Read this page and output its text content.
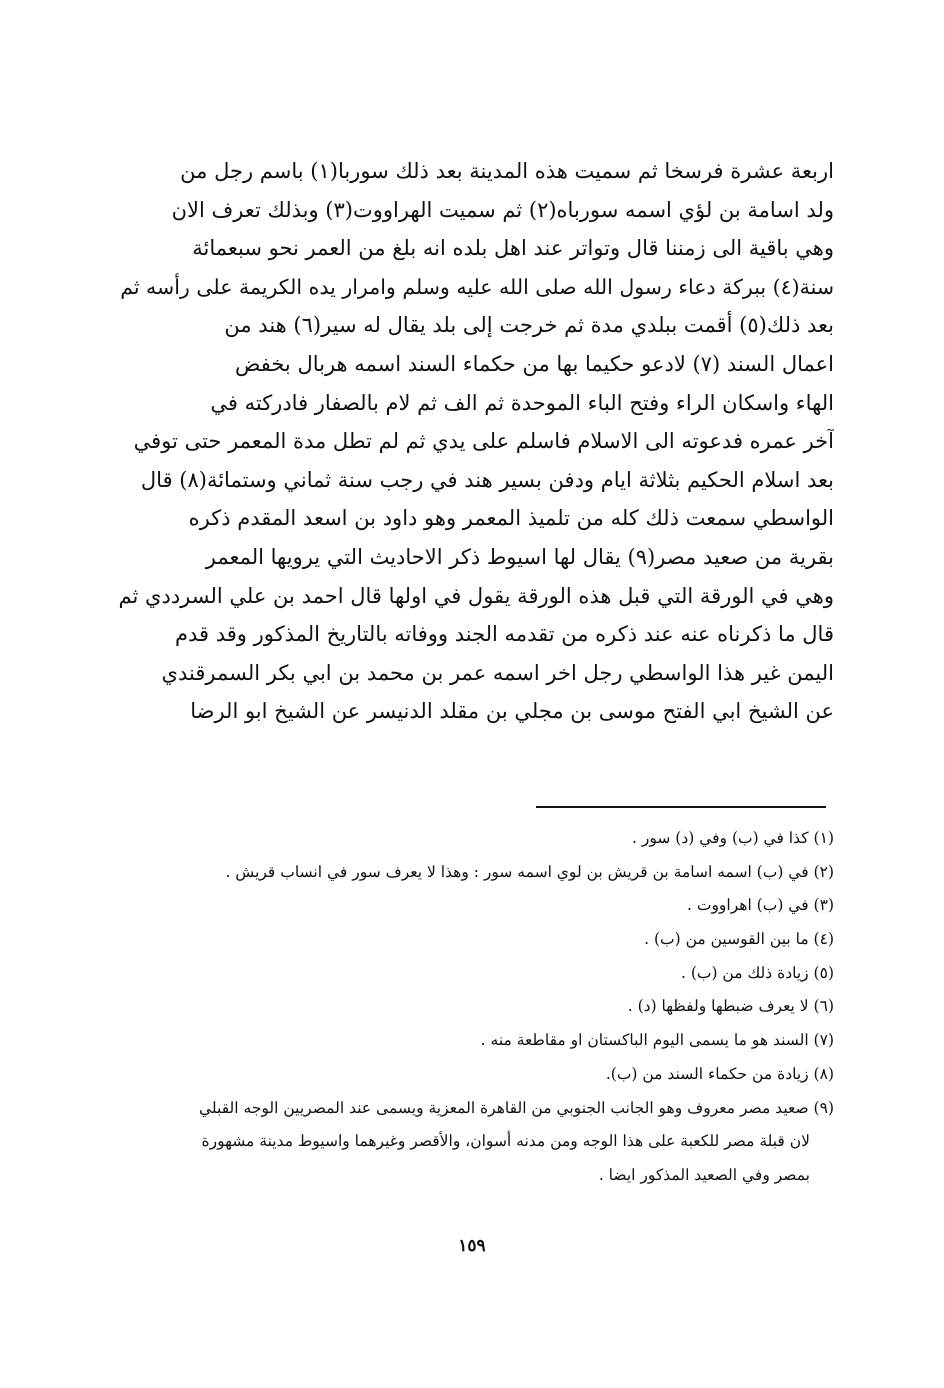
اربعة عشرة فرسخا ثم سميت هذه المدينة بعد ذلك سوربا(١) باسم رجل من
ولد اسامة بن لؤي اسمه سورباه(٢) ثم سميت الهراووت(٣) وبذلك تعرف الان
وهي باقية الى زمننا قال وتواتر عند اهل بلده انه بلغ من العمر نحو سبعمائة
سنة(٤) ببركة دعاء رسول الله صلى الله عليه وسلم وامرار يده الكريمة على رأسه ثم
بعد ذلك(٥) أقمت ببلدي مدة ثم خرجت إلى بلد يقال له سير(٦) هند من
اعمال السند (٧) لادعو حكيما بها من حكماء السند اسمه هربال بخفض
الهاء واسكان الراء وفتح الباء الموحدة ثم الف ثم لام بالصفار فادركته في
آخر عمره فدعوته الى الاسلام فاسلم على يدي ثم لم تطل مدة المعمر حتى توفي
بعد اسلام الحكيم بثلاثة ايام ودفن بسير هند في رجب سنة ثماني وستمائة(٨) قال
الواسطي سمعت ذلك كله من تلميذ المعمر وهو داود بن اسعد المقدم ذكره
بقرية من صعيد مصر(٩) يقال لها اسيوط ذكر الاحاديث التي يرويها المعمر
وهي في الورقة التي قبل هذه الورقة يقول في اولها قال احمد بن علي السرددي ثم
قال ما ذكرناه عنه عند ذكره من تقدمه الجند ووفاته بالتاريخ المذكور وقد قدم
اليمن غير هذا الواسطي رجل اخر اسمه عمر بن محمد بن ابي بكر السمرقندي
عن الشيخ ابي الفتح موسى بن مجلي بن مقلد الدنيسر عن الشيخ ابو الرضا
(١) كذا في (ب) وفي (د) سور .
(٢) في (ب) اسمه اسامة بن قريش بن لوي اسمه سور : وهذا لا يعرف سور في انساب قريش .
(٣) في (ب) اهراووت .
(٤) ما بين القوسين من (ب) .
(٥) زيادة ذلك من (ب) .
(٦) لا يعرف ضبطها ولفظها (د) .
(٧) السند هو ما يسمى اليوم الباكستان او مقاطعة منه .
(٨) زيادة من حكماء السند من (ب).
(٩) صعيد مصر معروف وهو الجانب الجنوبي من القاهرة المعزية ويسمى عند المصريين الوجه القبلي
لان قبلة مصر للكعبة على هذا الوجه ومن مدنه أسوان، والأقصر وغيرهما واسيوط مدينة مشهورة
بمصر وفي الصعيد المذكور ايضا .
١٥٩
